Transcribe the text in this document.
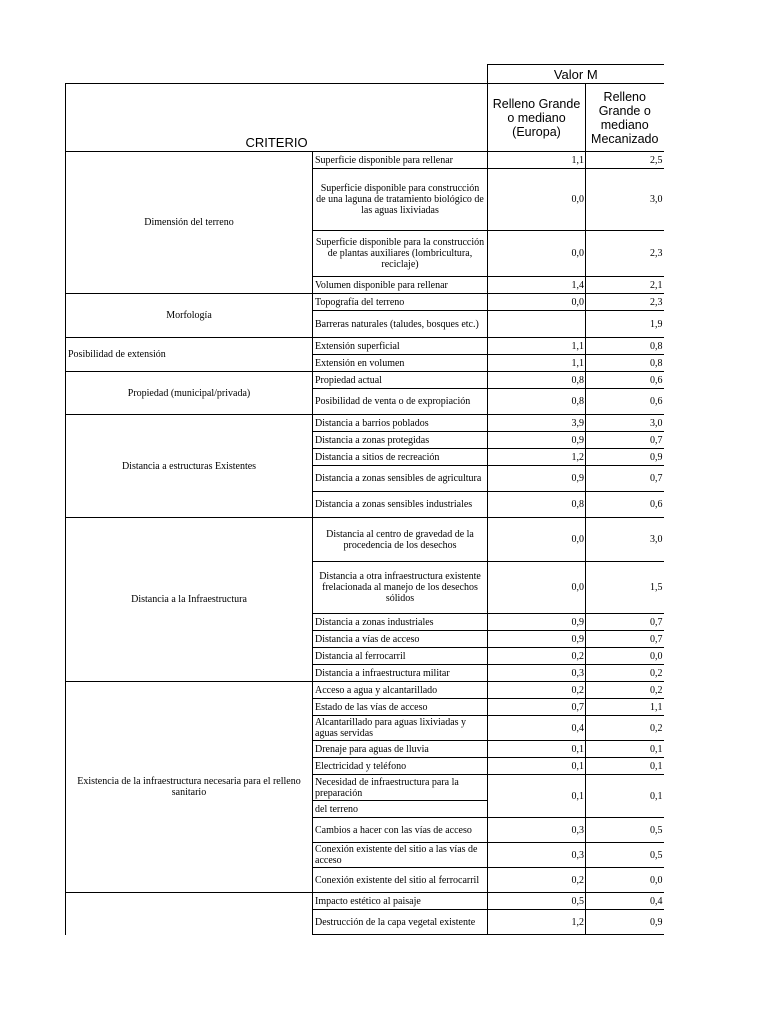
		Valor M	
CRITERIO		Relleno Grande o mediano (Europa)	Relleno Grande o mediano Mecanizado
Dimensión del terreno	Superficie disponible para rellenar	1,1	2,5
	Superficie disponible para construcción de una laguna de tratamiento biológico de las aguas lixiviadas	0,0	3,0
	Superficie disponible para la construcción de plantas auxiliares (lombricultura, reciclaje)	0,0	2,3
	Volumen disponible para rellenar	1,4	2,1
Morfología	Topografía del terreno	0,0	2,3
	Barreras naturales (taludes, bosques etc.)		1,9
Posibilidad de extensión	Extensión superficial	1,1	0,8
	Extensión en volumen	1,1	0,8
Propiedad (municipal/privada)	Propiedad actual	0,8	0,6
	Posibilidad de venta o de expropiación	0,8	0,6
Distancia a estructuras Existentes	Distancia a barrios poblados	3,9	3,0
	Distancia a zonas protegidas	0,9	0,7
	Distancia a sitios de recreación	1,2	0,9
	Distancia a zonas sensibles de agricultura	0,9	0,7
	Distancia a zonas sensibles industriales	0,8	0,6
Distancia a la Infraestructura	Distancia al centro de gravedad de la procedencia de los desechos	0,0	3,0
	Distancia a otra infraestructura existente frelacionada al manejo de los desechos sólidos	0,0	1,5
	Distancia a zonas industriales	0,9	0,7
	Distancia a vías de acceso	0,9	0,7
	Distancia al ferrocarril	0,2	0,0
	Distancia a infraestructura militar	0,3	0,2
Existencia de la infraestructura necesaria para el relleno sanitario	Acceso a agua y alcantarillado	0,2	0,2
	Estado de las vías de acceso	0,7	1,1
	Alcantarillado para aguas lixiviadas y aguas servidas	0,4	0,2
	Drenaje para aguas de lluvia	0,1	0,1
	Electricidad y teléfono	0,1	0,1
	Necesidad de infraestructura para la preparación	0,1	0,1
	del terreno		
	Cambios a hacer con las vías de acceso	0,3	0,5
	Conexión existente del sitio a las vías de acceso	0,3	0,5
	Conexión existente del sitio al ferrocarril	0,2	0,0
	Impacto estético al paisaje	0,5	0,4
	Destrucción de la capa vegetal existente	1,2	0,9
